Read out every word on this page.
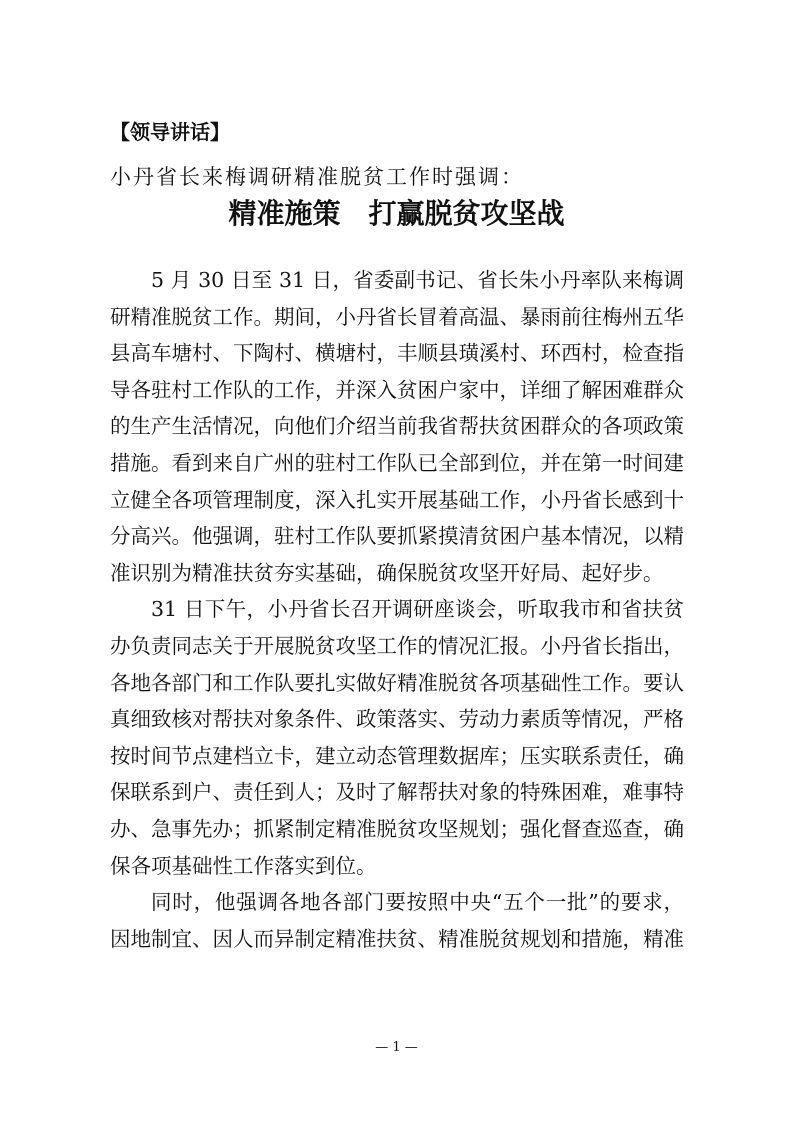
【领导讲话】
小丹省长来梅调研精准脱贫工作时强调：
精准施策　打赢脱贫攻坚战

5 月 30 日至 31 日，省委副书记、省长朱小丹率队来梅调研精准脱贫工作。期间，小丹省长冒着高温、暴雨前往梅州五华县高车塘村、下陶村、横塘村，丰顺县璜溪村、环西村，检查指导各驻村工作队的工作，并深入贫困户家中，详细了解困难群众的生产生活情况，向他们介绍当前我省帮扶贫困群众的各项政策措施。看到来自广州的驻村工作队已全部到位，并在第一时间建立健全各项管理制度，深入扎实开展基础工作，小丹省长感到十分高兴。他强调，驻村工作队要抓紧摸清贫困户基本情况，以精准识别为精准扶贫夯实基础，确保脱贫攻坚开好局、起好步。

31 日下午，小丹省长召开调研座谈会，听取我市和省扶贫办负责同志关于开展脱贫攻坚工作的情况汇报。小丹省长指出，各地各部门和工作队要扎实做好精准脱贫各项基础性工作。要认真细致核对帮扶对象条件、政策落实、劳动力素质等情况，严格按时间节点建档立卡，建立动态管理数据库；压实联系责任，确保联系到户、责任到人；及时了解帮扶对象的特殊困难，难事特办、急事先办；抓紧制定精准脱贫攻坚规划；强化督查巡查，确保各项基础性工作落实到位。

同时，他强调各地各部门要按照中央“五个一批”的要求，因地制宜、因人而异制定精准扶贫、精准脱贫规划和措施，精准

— 1 —
